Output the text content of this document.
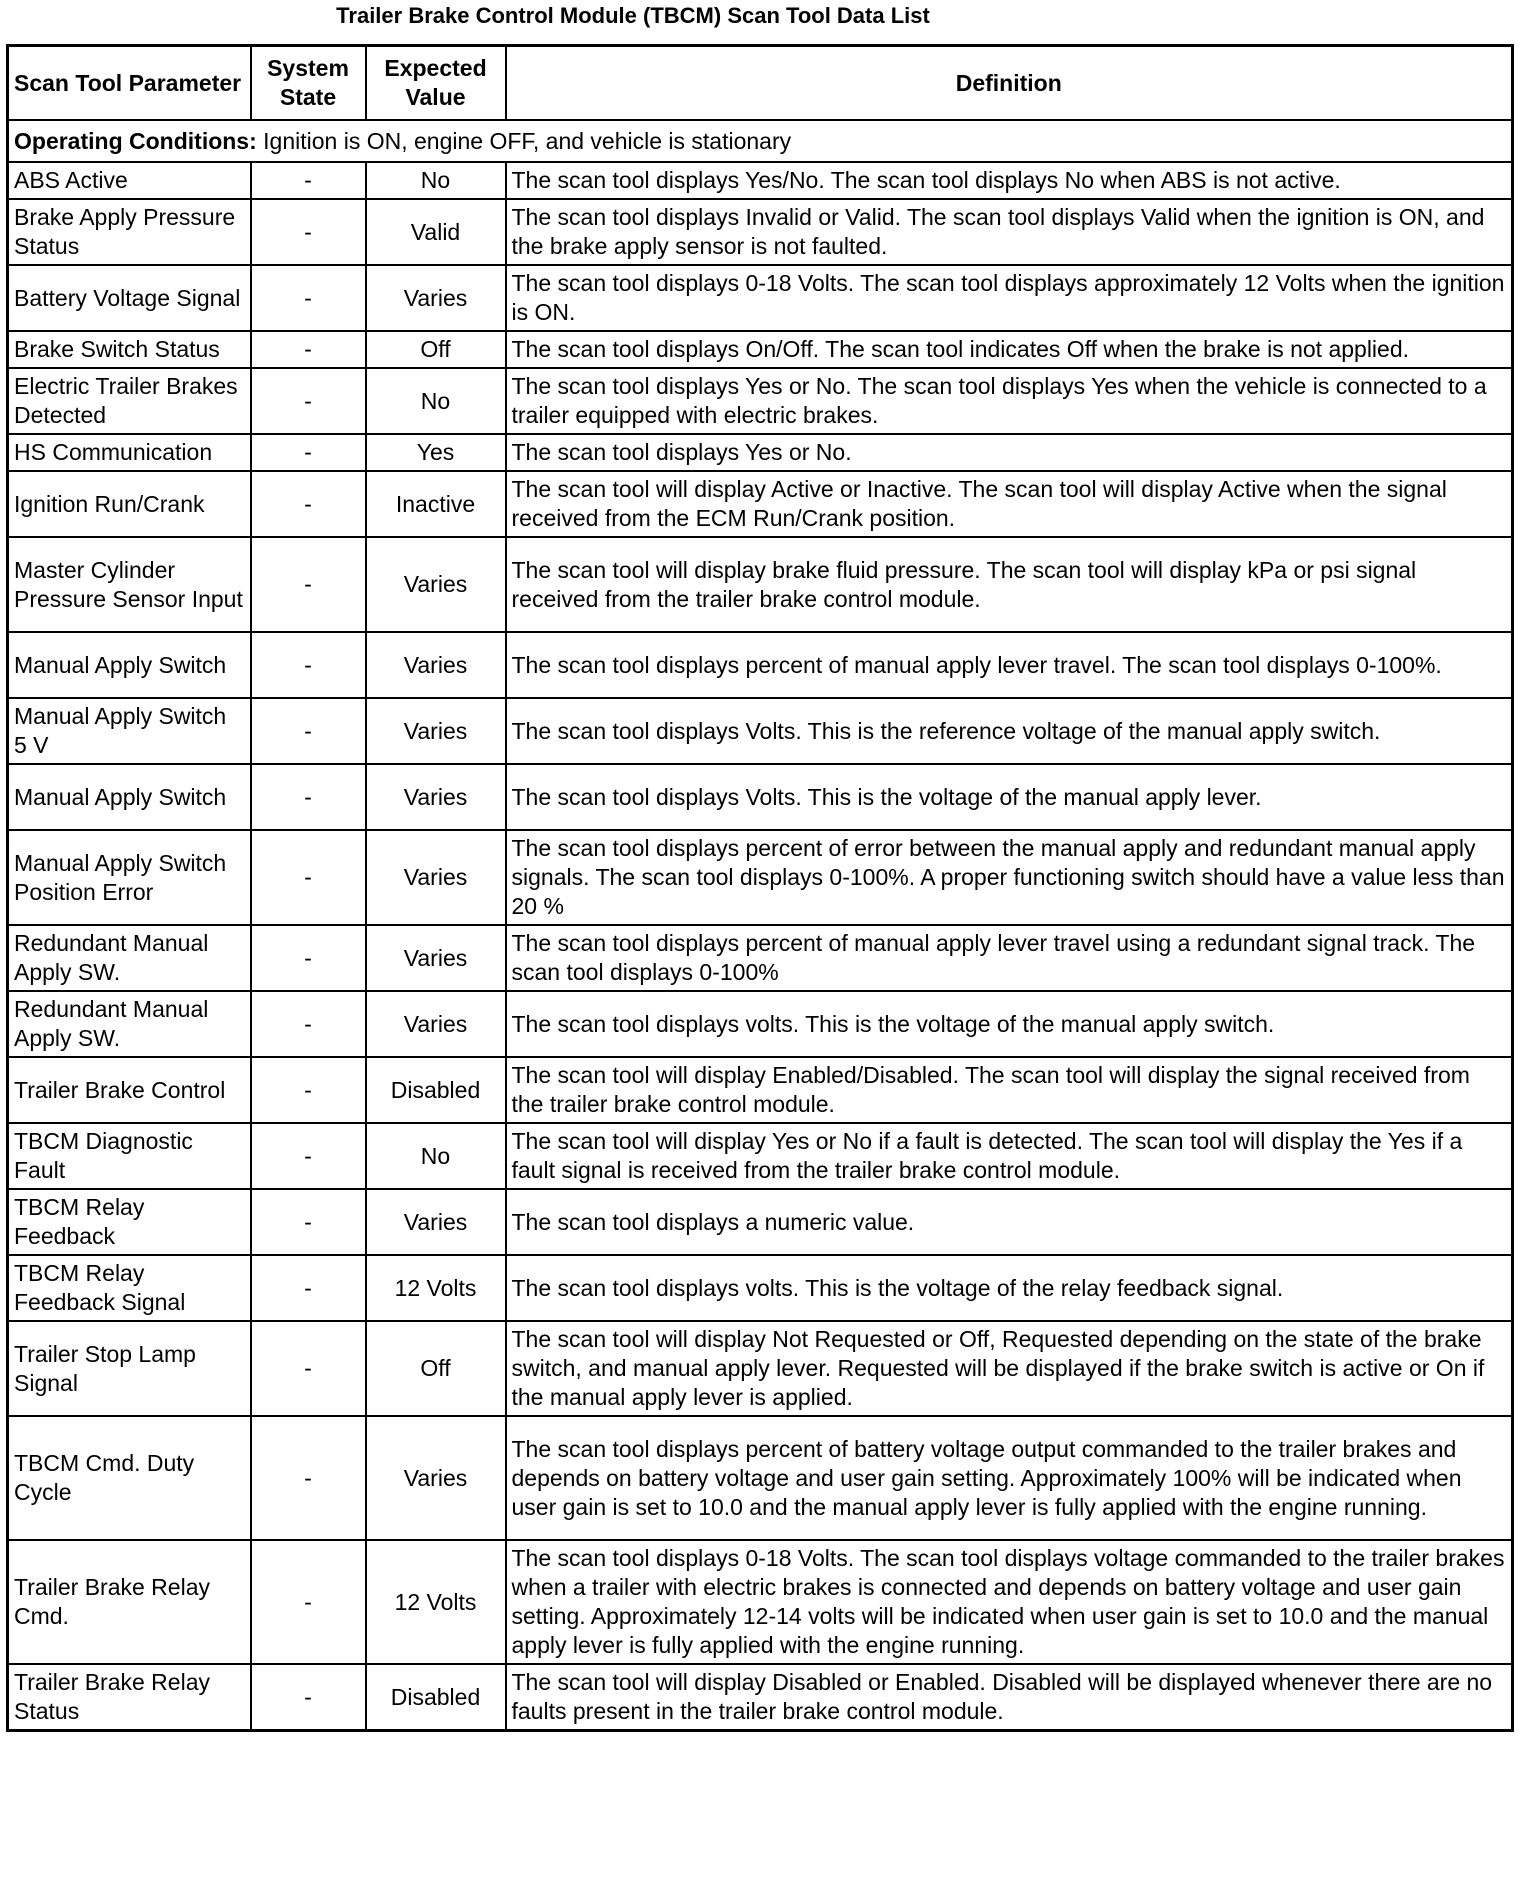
Trailer Brake Control Module (TBCM) Scan Tool Data List
Scan Tool Parameter	System State	Expected Value	Definition
Operating Conditions: Ignition is ON, engine OFF, and vehicle is stationary			
ABS Active	-	No	The scan tool displays Yes/No. The scan tool displays No when ABS is not active.
Brake Apply Pressure Status	-	Valid	The scan tool displays Invalid or Valid. The scan tool displays Valid when the ignition is ON, and the brake apply sensor is not faulted.
Battery Voltage Signal	-	Varies	The scan tool displays 0-18 Volts. The scan tool displays approximately 12 Volts when the ignition is ON.
Brake Switch Status	-	Off	The scan tool displays On/Off. The scan tool indicates Off when the brake is not applied.
Electric Trailer Brakes Detected	-	No	The scan tool displays Yes or No. The scan tool displays Yes when the vehicle is connected to a trailer equipped with electric brakes.
HS Communication	-	Yes	The scan tool displays Yes or No.
Ignition Run/Crank	-	Inactive	The scan tool will display Active or Inactive. The scan tool will display Active when the signal received from the ECM Run/Crank position.
Master Cylinder Pressure Sensor Input	-	Varies	The scan tool will display brake fluid pressure. The scan tool will display kPa or psi signal received from the trailer brake control module.
Manual Apply Switch	-	Varies	The scan tool displays percent of manual apply lever travel. The scan tool displays 0-100%.
Manual Apply Switch 5 V	-	Varies	The scan tool displays Volts. This is the reference voltage of the manual apply switch.
Manual Apply Switch	-	Varies	The scan tool displays Volts. This is the voltage of the manual apply lever.
Manual Apply Switch Position Error	-	Varies	The scan tool displays percent of error between the manual apply and redundant manual apply signals. The scan tool displays 0-100%. A proper functioning switch should have a value less than 20 %
Redundant Manual Apply SW.	-	Varies	The scan tool displays percent of manual apply lever travel using a redundant signal track. The scan tool displays 0-100%
Redundant Manual Apply SW.	-	Varies	The scan tool displays volts. This is the voltage of the manual apply switch.
Trailer Brake Control	-	Disabled	The scan tool will display Enabled/Disabled. The scan tool will display the signal received from the trailer brake control module.
TBCM Diagnostic Fault	-	No	The scan tool will display Yes or No if a fault is detected. The scan tool will display the Yes if a fault signal is received from the trailer brake control module.
TBCM Relay Feedback	-	Varies	The scan tool displays a numeric value.
TBCM Relay Feedback Signal	-	12 Volts	The scan tool displays volts. This is the voltage of the relay feedback signal.
Trailer Stop Lamp Signal	-	Off	The scan tool will display Not Requested or Off, Requested depending on the state of the brake switch, and manual apply lever. Requested will be displayed if the brake switch is active or On if the manual apply lever is applied.
TBCM Cmd. Duty Cycle	-	Varies	The scan tool displays percent of battery voltage output commanded to the trailer brakes and depends on battery voltage and user gain setting. Approximately 100% will be indicated when user gain is set to 10.0 and the manual apply lever is fully applied with the engine running.
Trailer Brake Relay Cmd.	-	12 Volts	The scan tool displays 0-18 Volts. The scan tool displays voltage commanded to the trailer brakes when a trailer with electric brakes is connected and depends on battery voltage and user gain setting. Approximately 12-14 volts will be indicated when user gain is set to 10.0 and the manual apply lever is fully applied with the engine running.
Trailer Brake Relay Status	-	Disabled	The scan tool will display Disabled or Enabled. Disabled will be displayed whenever there are no faults present in the trailer brake control module.
